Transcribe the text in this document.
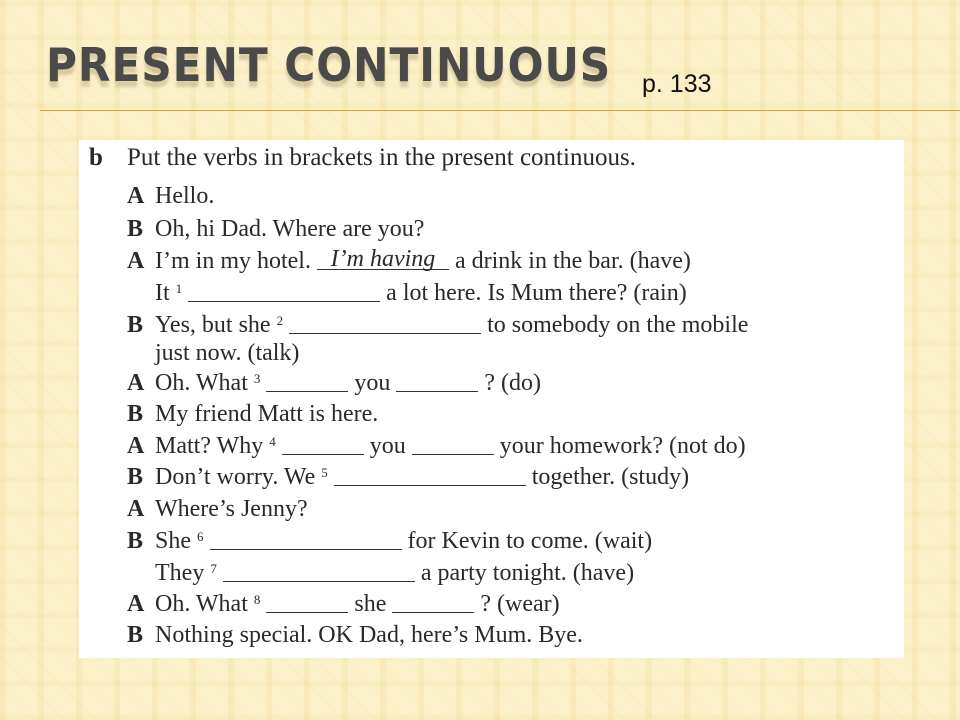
PRESENT CONTINUOUS p. 133
b Put the verbs in brackets in the present continuous.
A Hello.
B Oh, hi Dad. Where are you?
A I’m in my hotel. I’m having a drink in the bar. (have)
It $^1$	a lot here. Is Mum there? (rain)
B Yes, but she $^2$	to somebody on the mobile
just now. (talk)
A Oh. What $^3$	you	? (do)
B My friend Matt is here.
A Matt? Why $^4$	you	your homework? (not do)
B Don’t worry. We $^5$	together. (study)
A Where’s Jenny?
B She $^6$	for Kevin to come. (wait)
They $^7$	a party tonight. (have)
A Oh. What $^8$	she	? (wear)
B Nothing special. OK Dad, here’s Mum. Bye.
